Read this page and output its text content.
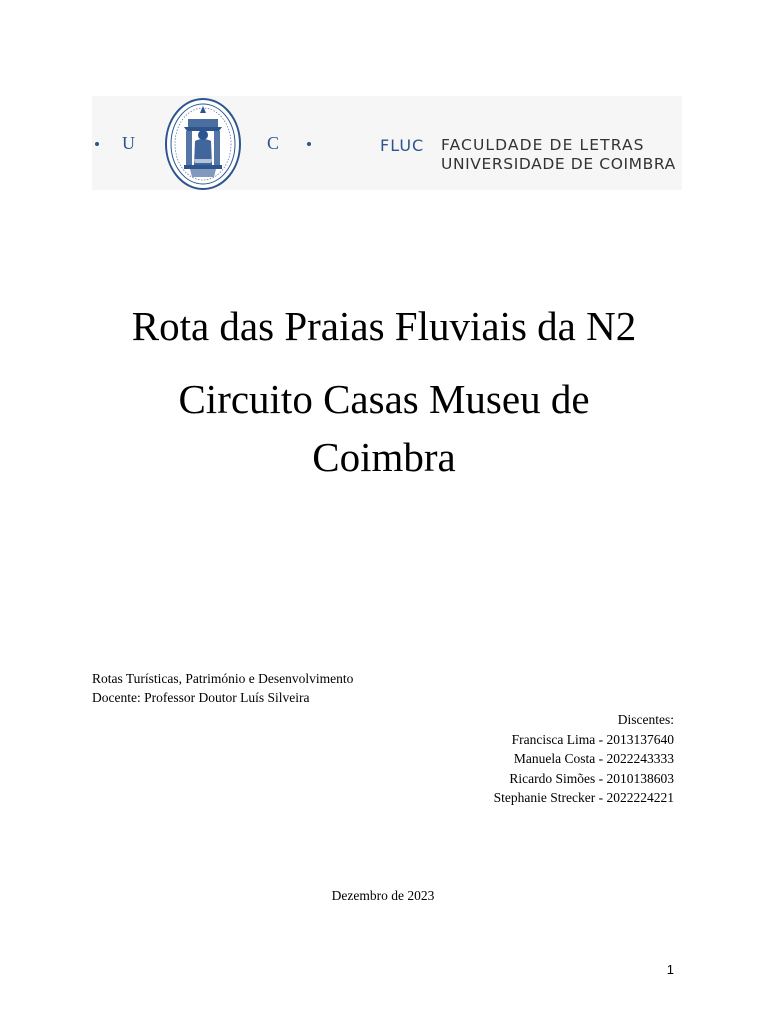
U	C	FLUC FACULDADE DE LETRAS
UNIVERSIDADE DE COIMBRA
Rota das Praias Fluviais da N2
Circuito Casas Museu de
Coimbra
Rotas Turísticas, Património e Desenvolvimento
Docente: Professor Doutor Luís Silveira
Discentes:
Francisca Lima - 2013137640
Manuela Costa - 2022243333
Ricardo Simões - 2010138603
Stephanie Strecker - 2022224221
Dezembro de 2023
1
